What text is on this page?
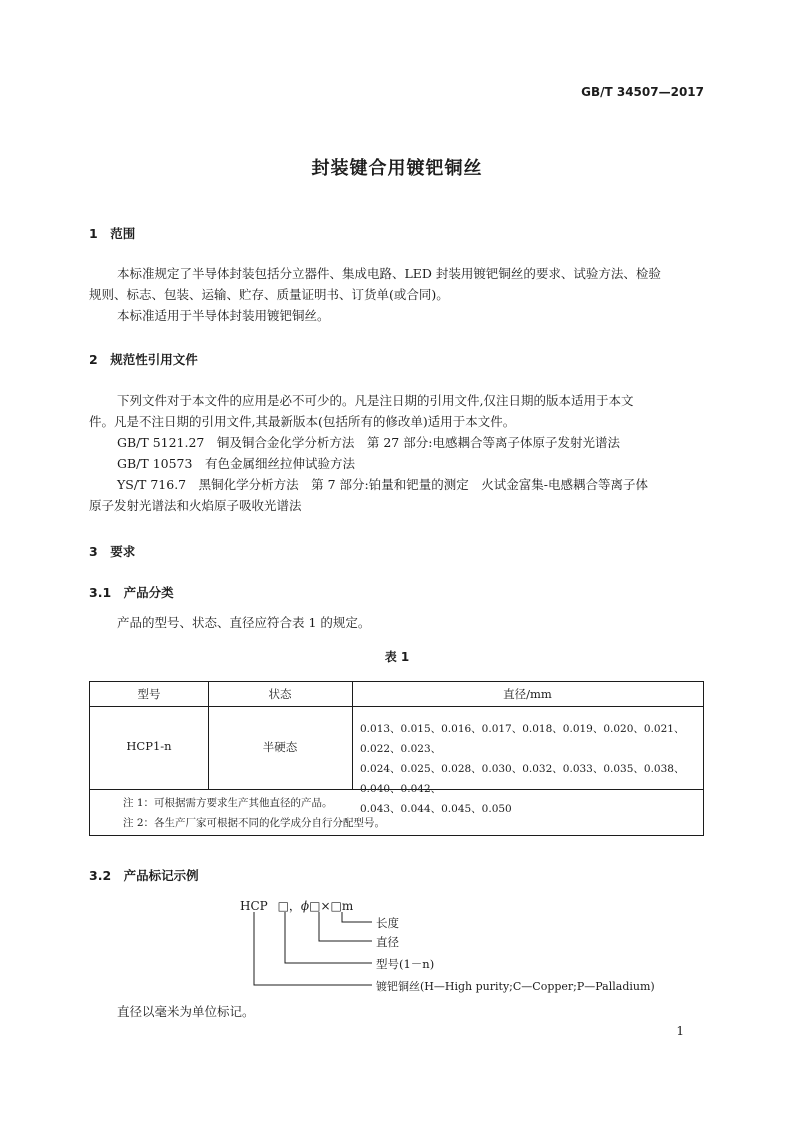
GB/T 34507—2017
封装键合用镀钯铜丝
1　范围
本标准规定了半导体封装包括分立器件、集成电路、LED 封装用镀钯铜丝的要求、试验方法、检验
规则、标志、包装、运输、贮存、质量证明书、订货单(或合同)。
本标准适用于半导体封装用镀钯铜丝。
2　规范性引用文件
下列文件对于本文件的应用是必不可少的。凡是注日期的引用文件,仅注日期的版本适用于本文
件。凡是不注日期的引用文件,其最新版本(包括所有的修改单)适用于本文件。
GB/T 5121.27　铜及铜合金化学分析方法　第 27 部分:电感耦合等离子体原子发射光谱法
GB/T 10573　有色金属细丝拉伸试验方法
YS/T 716.7　黑铜化学分析方法　第 7 部分:铂量和钯量的测定　火试金富集-电感耦合等离子体
原子发射光谱法和火焰原子吸收光谱法
3　要求
3.1　产品分类
产品的型号、状态、直径应符合表 1 的规定。
表 1
型号	状态	直径/mm
HCP1-n	半硬态
0.013、0.015、0.016、0.017、0.018、0.019、0.020、0.021、0.022、0.023、
0.024、0.025、0.028、0.030、0.032、0.033、0.035、0.038、0.040、0.042、
0.043、0.044、0.045、0.050
注 1：可根据需方要求生产其他直径的产品。
注 2：各生产厂家可根据不同的化学成分自行分配型号。
3.2　产品标记示例
HCP □，ϕ□×□m
长度
直径
型号(1－n)
镀钯铜丝(H—High purity;C—Copper;P—Palladium)
直径以毫米为单位标记。
1
